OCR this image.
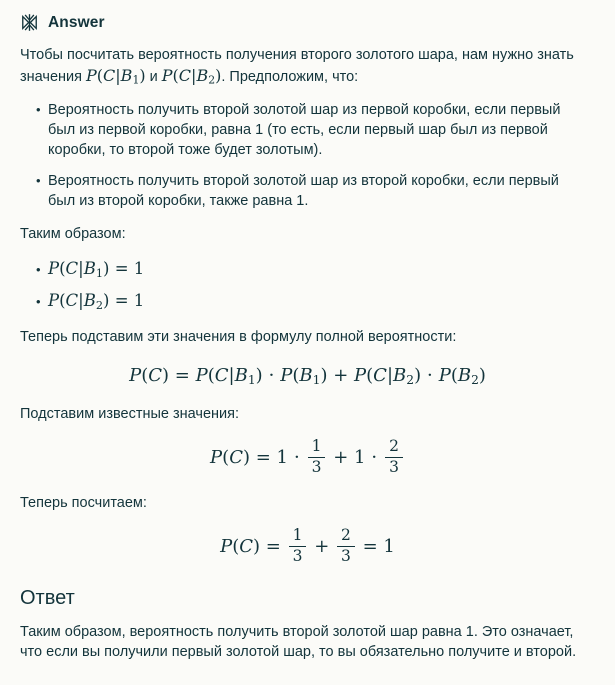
Answer

Чтобы посчитать вероятность получения второго золотого шара, нам нужно знать значения $P(C|B_1)$ и $P(C|B_2)$. Предположим, что:

• Вероятность получить второй золотой шар из первой коробки, если первый был из первой коробки, равна 1 (то есть, если первый шар был из первой коробки, то второй тоже будет золотым).
• Вероятность получить второй золотой шар из второй коробки, если первый был из второй коробки, также равна 1.

Таким образом:

• $P(C|B_1) = 1$
• $P(C|B_2) = 1$

Теперь подставим эти значения в формулу полной вероятности:

$P(C) = P(C|B_1) \cdot P(B_1) + P(C|B_2) \cdot P(B_2)$

Подставим известные значения:

$P(C) = 1 \cdot \frac{1}{3} + 1 \cdot \frac{2}{3}$

Теперь посчитаем:

$P(C) = \frac{1}{3} + \frac{2}{3} = 1$
Ответ

Таким образом, вероятность получить второй золотой шар равна 1. Это означает, что если вы получили первый золотой шар, то вы обязательно получите и второй.
